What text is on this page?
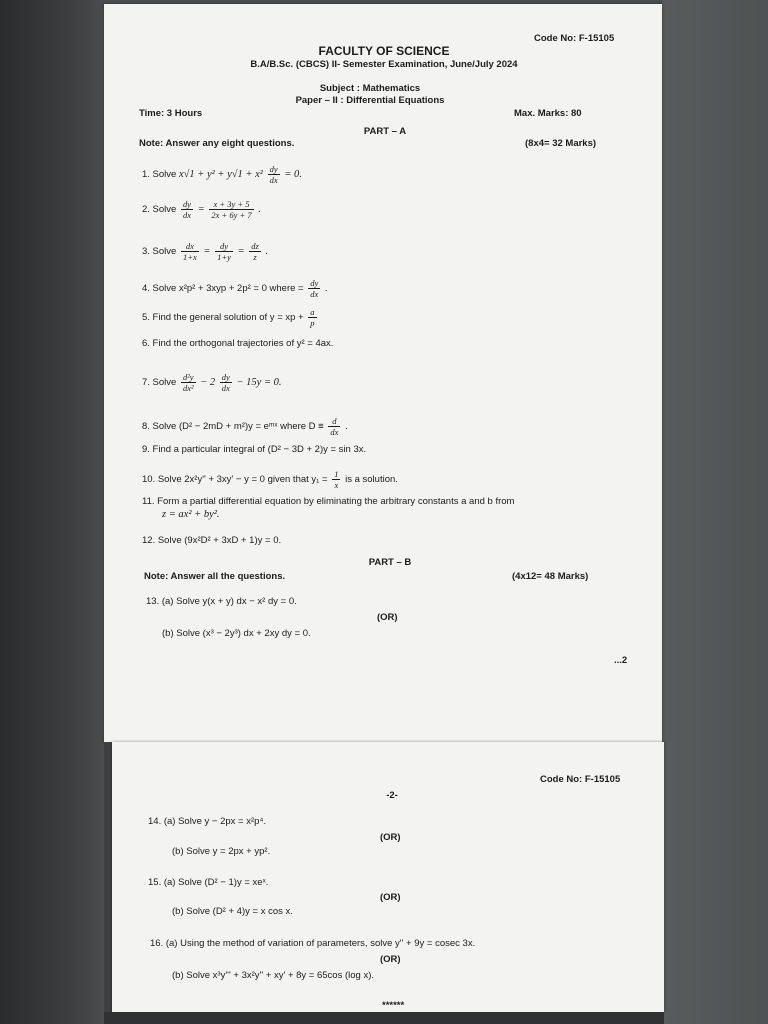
Code No: F-15105
FACULTY OF SCIENCE
B.A/B.Sc. (CBCS) II- Semester Examination, June/July 2024
Subject : Mathematics
Paper – II : Differential Equations
Time: 3 Hours	Max. Marks: 80
PART – A
Note: Answer any eight questions.	(8x4= 32 Marks)
1. Solve $x√1 + y^2 + y√1 + x^2 \frac{dy}{dx} = 0$.
2. Solve $\frac{dy}{dx} = \frac{x + 3y + 5}{2x + 6y + 7}$ .
3. Solve $\frac{dx}{1+x} = \frac{dy}{1+y} = \frac{dz}{z}$ .
4. Solve x²p² + 3xyp + 2p² = 0 where = $\frac{dy}{dx}$ .
5. Find the general solution of y = xp + $\frac{a}{p}$
6. Find the orthogonal trajectories of y² = 4ax.
7. Solve $\frac{\text{d²y}}{\text{dx²}} - 2 \frac{dy}{dx} - 15y = 0$.
8. Solve (D² − 2mD + m²)y = eᵐˣ where $D \equiv \frac{d}{dx}$ .
9. Find a particular integral of (D² − 3D + 2)y = sin 3x.
10. Solve 2x²y'' + 3xy' − y = 0 given that $y_1 = \frac{1}{x}$ is a solution.
11. Form a partial differential equation by eliminating the arbitrary constants a and b from
z = ax² + by².
12. Solve (9x²D² + 3xD + 1)y = 0.
PART – B
Note: Answer all the questions.	(4x12= 48 Marks)
13. (a) Solve y(x + y) dx − x² dy = 0.
(OR)
(b) Solve (x³ − 2y³) dx + 2xy dy = 0.
...2
Code No: F-15105
-2-
14. (a) Solve y − 2px = x²p⁴.
(OR)
(b) Solve y = 2px + yp².
15. (a) Solve (D² − 1)y = xeˣ.
(OR)
(b) Solve (D² + 4)y = x cos x.
16. (a) Using the method of variation of parameters, solve y'' + 9y = cosec 3x.
(OR)
(b) Solve x³y''' + 3x²y'' + xy' + 8y = 65cos (log x).
******
